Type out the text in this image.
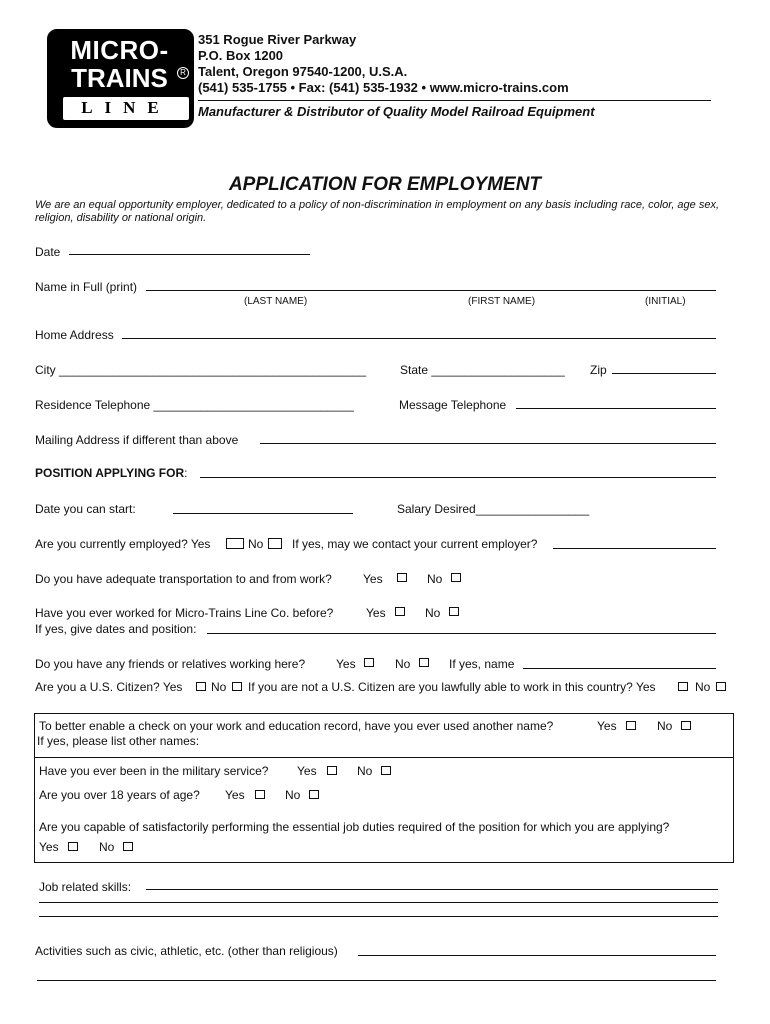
MICRO-
TRAINS	R
LINE
351 Rogue River Parkway
P.O. Box 1200
Talent, Oregon 97540-1200, U.S.A.
(541) 535-1755 • Fax: (541) 535-1932 • www.micro-trains.com
Manufacturer & Distributor of Quality Model Railroad Equipment
APPLICATION FOR EMPLOYMENT
We are an equal opportunity employer, dedicated to a policy of non-discrimination in employment on any basis including race, color, age sex, religion, disability or national origin.
Date
Name in Full (print)
(LAST NAME)	(FIRST NAME)	(INITIAL)
Home Address
City ______________________________________________	State ____________________ Zip
Residence Telephone ______________________________	Message Telephone
Mailing Address if different than above
POSITION APPLYING FOR:
Date you can start:	Salary Desired_________________
Are you currently employed? Yes	No If yes, may we contact your current employer?
Do you have adequate transportation to and from work?	Yes	No
Have you ever worked for Micro-Trains Line Co. before?	Yes	No
If yes, give dates and position:
Do you have any friends or relatives working here?	Yes	No	If yes, name
Are you a U.S. Citizen? Yes No If you are not a U.S. Citizen are you lawfully able to work in this country? Yes	No
To better enable a check on your work and education record, have you ever used another name?	Yes	No
If yes, please list other names:
Have you ever been in the military service? Yes	No
Are you over 18 years of age? Yes	No
Are you capable of satisfactorily performing the essential job duties required of the position for which you are applying?
Yes	No
Job related skills:
Activities such as civic, athletic, etc. (other than religious)
